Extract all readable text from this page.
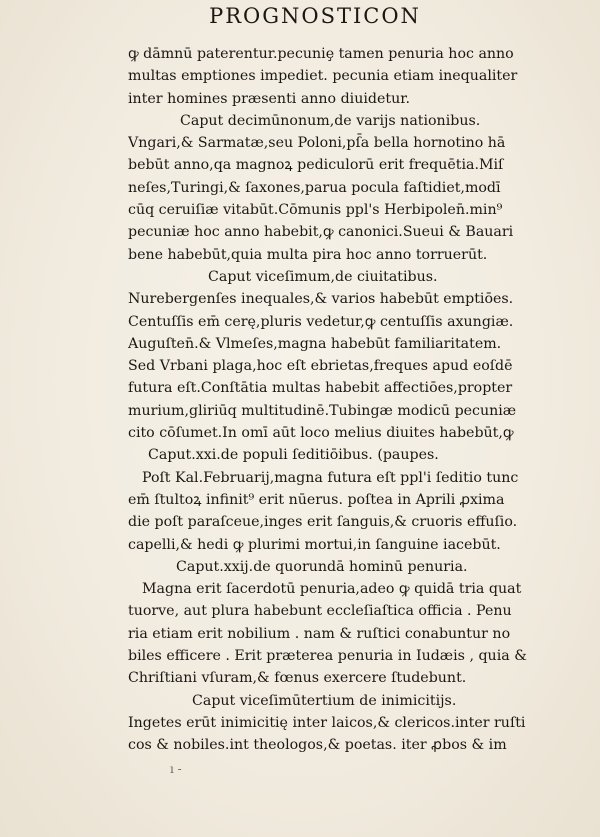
PROGNOSTICON
ꝙ dāmnū paterentur.pecuniȩ tamen penuria hoc anno
multas emptiones impediet. pecunia etiam inequaliter
inter homines præsenti anno diuidetur.
Caput decimūnonum,de varijs nationibus.
Vngari,& Sarmatæ,seu Poloni,pſ̄a bella hornotino hā
bebūt anno,qa magnoꝝ pediculorū erit frequētia.Miſ
neſes,Turingi,& ſaxones,parua pocula faſtidiet,modī
cūq ceruiſiæ vitabūt.Cōmunis ppl's Herbipolen̄.min⁹
pecuniæ hoc anno habebit,ꝙ canonici.Sueui & Bauari
bene habebūt,quia multa pira hoc anno torruerūt.
Caput viceſimum,de ciuitatibus.
Nurebergenſes inequales,& varios habebūt emptiōes.
Centuſſis em̄ cerę,pluris vedetur,ꝙ centuſſis axungiæ.
Auguſten̄.& Vlmeſes,magna habebūt familiaritatem.
Sed Vrbani plaga,hoc eſt ebrietas,freques apud eoſdē
futura eſt.Conſtātia multas habebit affectiōes,propter
murium,gliriūq multitudinē.Tubingæ modicū pecuniæ
cito cōſumet.In omī aūt loco melius diuites habebūt,ꝙ
Caput.xxi.de populi ſeditiōibus. (paupes.
Poſt Kal.Februarij,magna futura eſt ppl'i ſeditio tunc
em̄ ſtultoꝝ infinit⁹ erit nūerus. poſtea in Aprili ꝓxima
die poſt paraſceue,inges erit ſanguis,& cruoris effuſio.
capelli,& hedi ꝙ plurimi mortui,in ſanguine iacebūt.
Caput.xxij.de quorundā hominū penuria.
Magna erit ſacerdotū penuria,adeo ꝙ quidā tria quat
tuorve, aut plura habebunt eccleſiaſtica officia . Penu
ria etiam erit nobilium . nam & ruſtici conabuntur no
biles efficere . Erit prætereа penuria in Iudæis , quia &
Chriſtiani vſuram,& fœnus exercere ſtudebunt.
Caput viceſimūtertium de inimicitijs.
Ingetes erūt inimicitię inter laicos,& clericos.inter ruſti
cos & nobiles.int theologos,& poetas. iter ꝓbos & im
ı -
